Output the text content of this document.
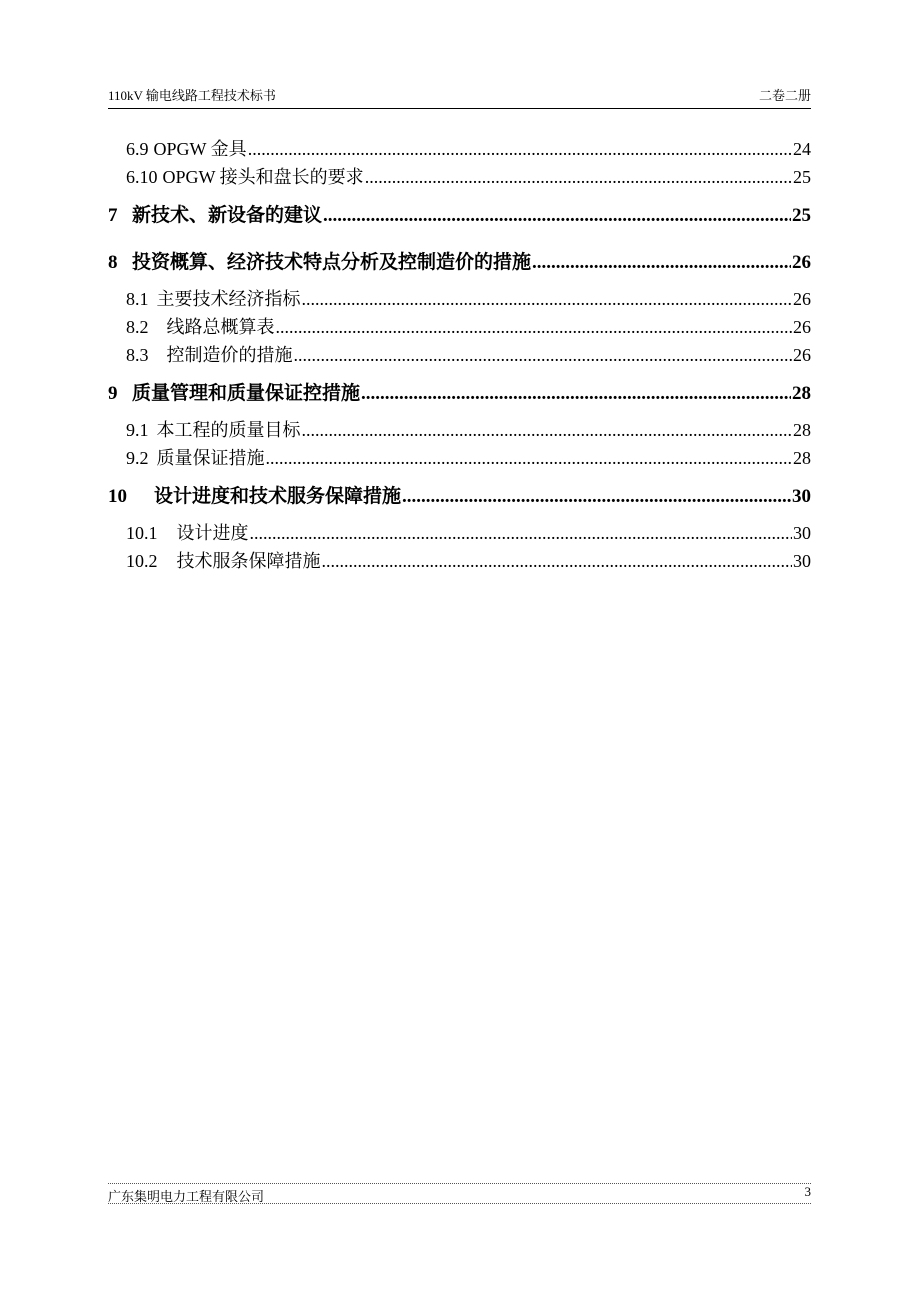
110kV 输电线路工程技术标书	二卷二册
6.9 OPGW 金具 .....	24
6.10 OPGW 接头和盘长的要求 .....	25
7 新技术、新设备的建议 .....	25
8 投资概算、经济技术特点分析及控制造价的措施 .....	26
8.1 主要技术经济指标 .....	26
8.2 线路总概算表 .....	26
8.3 控制造价的措施 .....	26
9 质量管理和质量保证控措施 .....	28
9.1 本工程的质量目标 .....	28
9.2 质量保证措施 .....	28
10	设计进度和技术服务保障措施 .....	30
10.1 设计进度 .....	30
10.2 技术服条保障措施 .....	30
广东集明电力工程有限公司	3
